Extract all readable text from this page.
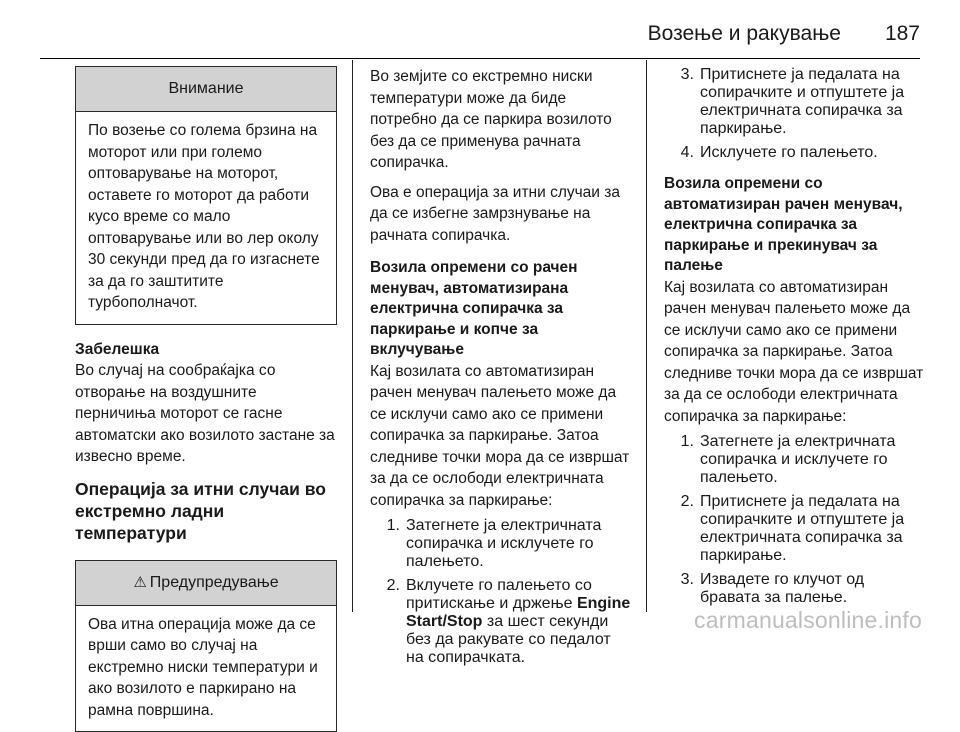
Возење и ракување 187
Внимание
По возење со голема брзина на моторот или при големо оптоварување на моторот, оставете го моторот да работи кусо време со мало оптоварување или во лер околу 30 секунди пред да го изгаснете за да го заштитите турбополначот.

Забелешка

Во случај на сообраќајка со отворање на воздушните перничиња моторот се гасне автоматски ако возилото застане за извесно време.

Операција за итни случаи во екстремно ладни температури
⚠ Предупредување
Ова итна операција може да се врши само во случај на екстремно ниски температури и ако возилото е паркирано на рамна површина.

Во земјите со екстремно ниски температури може да биде потребно да се паркира возилото без да се применува рачната сопирачка.

Ова е операција за итни случаи за да се избегне замрзнување на рачната сопирачка.

Возила опремени со рачен менувач, автоматизирана електрична сопирачка за паркирање и копче за вклучување

Кај возилата со автоматизиран рачен менувач палењето може да се исклучи само ако се примени сопирачка за паркирање. Затоа следниве точки мора да се извршат за да се ослободи електричната сопирачка за паркирање:

1. Затегнете ја електричната сопирачка и исклучете го палењето.
2. Вклучете го палењето со притискање и држење Engine Start/Stop за шест секунди без да ракувате со педалот на сопирачката.
3. Притиснете ја педалата на сопирачките и отпуштете ја електричната сопирачка за паркирање.
4. Исклучете го палењето.
Возила опремени со автоматизиран рачен менувач, електрична сопирачка за паркирање и прекинувач за палење

Кај возилата со автоматизиран рачен менувач палењето може да се исклучи само ако се примени сопирачка за паркирање. Затоа следниве точки мора да се извршат за да се ослободи електричната сопирачка за паркирање:

1. Затегнете ја електричната сопирачка и исклучете го палењето.
2. Притиснете ја педалата на сопирачките и отпуштете ја електричната сопирачка за паркирање.
3. Извадете го клучот од бравата за палење.
carmanualsonline.info
